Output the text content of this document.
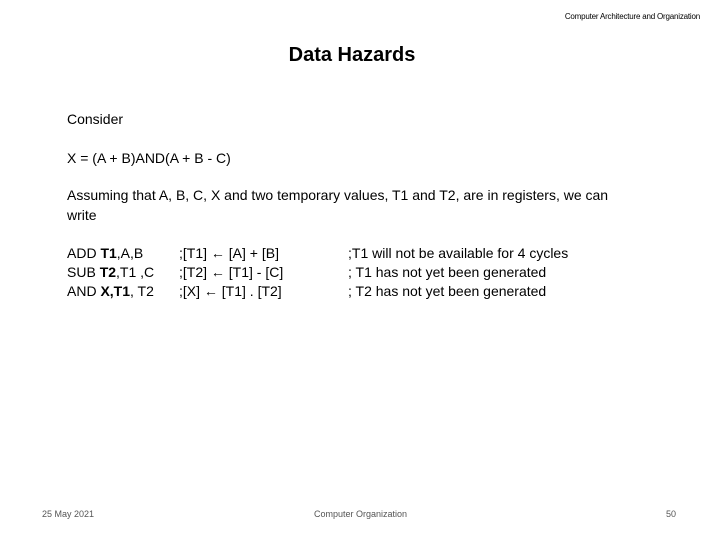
Computer Architecture and Organization
Data Hazards
Consider
X = (A + B)AND(A + B - C)
Assuming that A, B, C, X and two temporary values, T1 and T2, are in registers, we can write
ADD T1,A,B	;[T1] ← [A] + [B]	;T1 will not be available for 4 cycles
SUB T2,T1 ,C ;[T2] ← [T1] - [C]	; T1 has not yet been generated
AND X,T1, T2 ;[X] ← [T1] . [T2]	; T2 has not yet been generated
25 May 2021	Computer Organization	50
